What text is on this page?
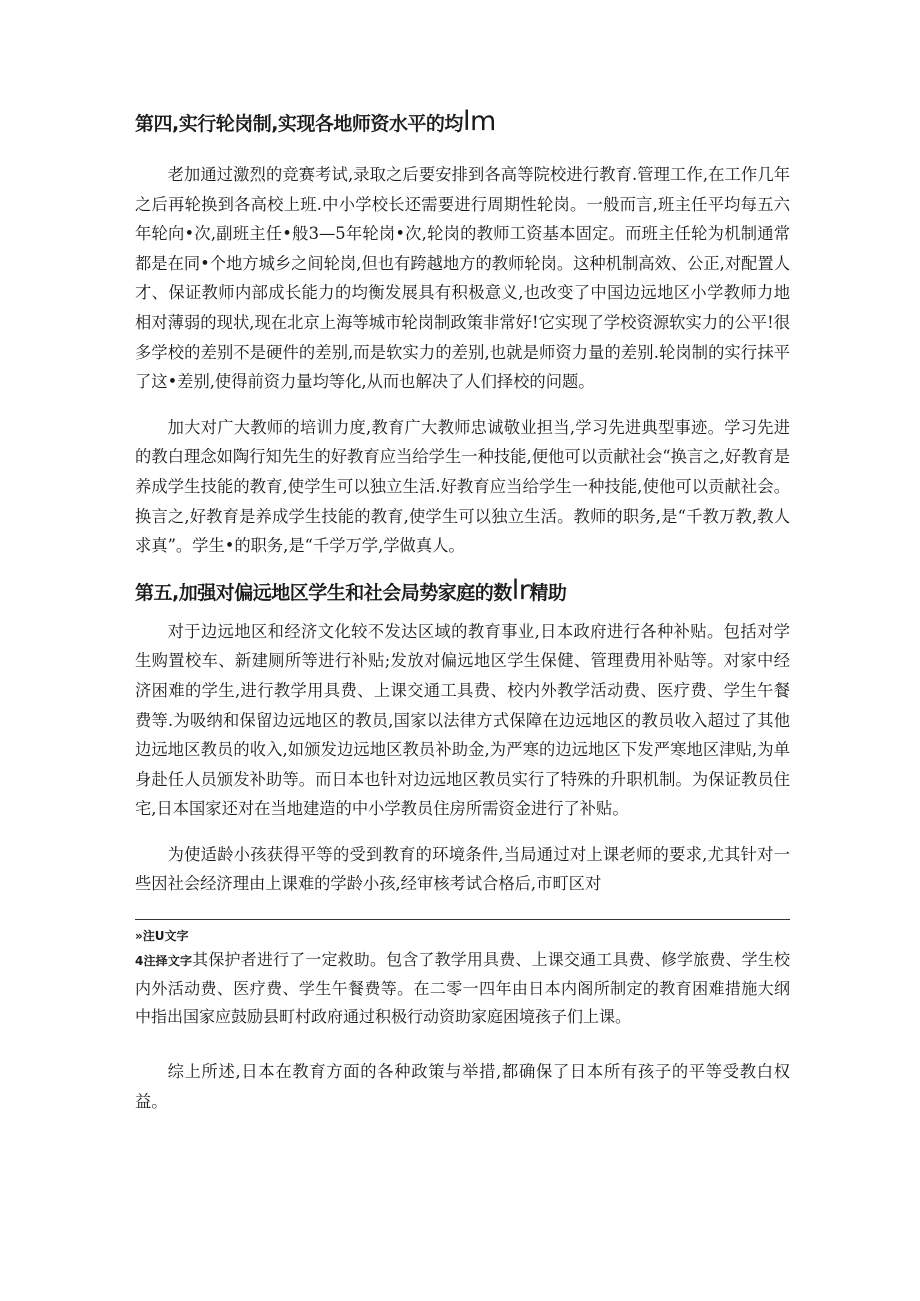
第四,实行轮岗制,实现各地师资水平的均lm

老加通过激烈的竞赛考试,录取之后要安排到各高等院校进行教育.管理工作,在工作几年之后再轮换到各高校上班.中小学校长还需要进行周期性轮岗。一般而言,班主任平均每五六年轮向•次,副班主任•般3—5年轮岗•次,轮岗的教师工资基本固定。而班主任轮为机制通常都是在同•个地方城乡之间轮岗,但也有跨越地方的教师轮岗。这种机制高效、公正,对配置人才、保证教师内部成长能力的均衡发展具有积极意义,也改变了中国边远地区小学教师力地相对薄弱的现状,现在北京上海等城市轮岗制政策非常好!它实现了学校资源软实力的公平!很多学校的差别不是硬件的差别,而是软实力的差别,也就是师资力量的差别.轮岗制的实行抹平了这•差别,使得前资力量均等化,从而也解决了人们择校的问题。

加大对广大教师的培训力度,教育广大教师忠诚敬业担当,学习先进典型事迹。学习先进的教白理念如陶行知先生的好教育应当给学生一种技能,便他可以贡献社会“换言之,好教育是养成学生技能的教育,使学生可以独立生活.好教育应当给学生一种技能,使他可以贡献社会。换言之,好教育是养成学生技能的教育,使学生可以独立生活。教师的职务,是“千教万教,教人求真”。学生•的职务,是“千学万学,学做真人。

第五,加强对偏远地区学生和社会局势家庭的数lr精助

对于边远地区和经济文化较不发达区域的教育事业,日本政府进行各种补贴。包括对学生购置校车、新建厕所等进行补贴;发放对偏远地区学生保健、管理费用补贴等。对家中经济困难的学生,进行教学用具费、上课交通工具费、校内外教学活动费、医疗费、学生午餐费等.为吸纳和保留边远地区的教员,国家以法律方式保障在边远地区的教员收入超过了其他边远地区教员的收入,如颁发边远地区教员补助金,为严寒的边远地区下发严寒地区津贴,为单身赴任人员颁发补助等。而日本也针对边远地区教员实行了特殊的升职机制。为保证教员住宅,日本国家还对在当地建造的中小学教员住房所需资金进行了补贴。

为使适龄小孩获得平等的受到教育的环境条件,当局通过对上课老师的要求,尤其针对一些因社会经济理由上课难的学龄小孩,经审核考试合格后,市町区对

»注U文字

4注择文字其保护者进行了一定救助。包含了教学用具费、上课交通工具费、修学旅费、学生校内外活动费、医疗费、学生午餐费等。在二零一四年由日本内阁所制定的教育困难措施大纲中指出国家应鼓励县町村政府通过积极行动资助家庭困境孩子们上课。

综上所述,日本在教育方面的各种政策与举措,都确保了日本所有孩子的平等受教白权益。
